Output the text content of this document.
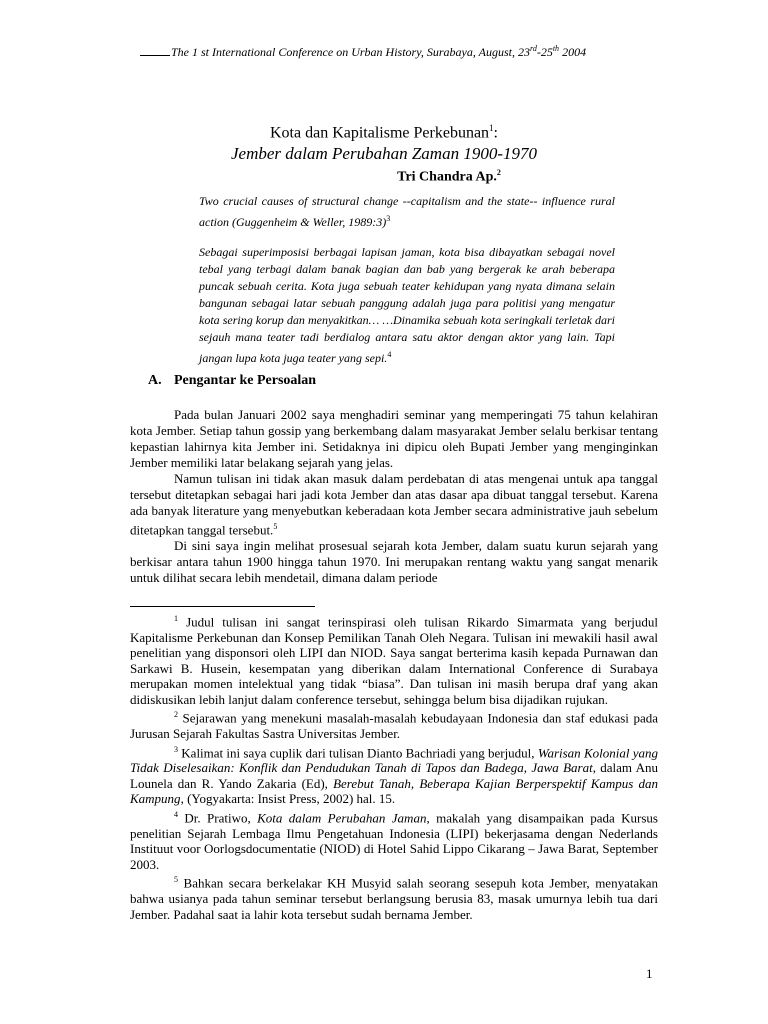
The 1 st International Conference on Urban History, Surabaya, August, 23rd-25th 2004
Kota dan Kapitalisme Perkebunan$^1$:
Jember dalam Perubahan Zaman 1900-1970
Tri Chandra Ap.$^2$
Two crucial causes of structural change --capitalism and the state-- influence rural action (Guggenheim & Weller, 1989:3)$^3$
Sebagai superimposisi berbagai lapisan jaman, kota bisa dibayatkan sebagai novel tebal yang terbagi dalam banak bagian dan bab yang bergerak ke arah beberapa puncak sebuah cerita. Kota juga sebuah teater kehidupan yang nyata dimana selain bangunan sebagai latar sebuah panggung adalah juga para politisi yang mengatur kota sering korup dan menyakitkan… …Dinamika sebuah kota seringkali terletak dari sejauh mana teater tadi berdialog antara satu aktor dengan aktor yang lain. Tapi jangan lupa kota juga teater yang sepi.$^4$
A. Pengantar ke Persoalan

Pada bulan Januari 2002 saya menghadiri seminar yang memperingati 75 tahun kelahiran kota Jember. Setiap tahun gossip yang berkembang dalam masyarakat Jember selalu berkisar tentang kepastian lahirnya kita Jember ini. Setidaknya ini dipicu oleh Bupati Jember yang menginginkan Jember memiliki latar belakang sejarah yang jelas.

Namun tulisan ini tidak akan masuk dalam perdebatan di atas mengenai untuk apa tanggal tersebut ditetapkan sebagai hari jadi kota Jember dan atas dasar apa dibuat tanggal tersebut. Karena ada banyak literature yang menyebutkan keberadaan kota Jember secara administrative jauh sebelum ditetapkan tanggal tersebut.$^5$

Di sini saya ingin melihat prosesual sejarah kota Jember, dalam suatu kurun sejarah yang berkisar antara tahun 1900 hingga tahun 1970. Ini merupakan rentang waktu yang sangat menarik untuk dilihat secara lebih mendetail, dimana dalam periode

$^1$ Judul tulisan ini sangat terinspirasi oleh tulisan Rikardo Simarmata yang berjudul Kapitalisme Perkebunan dan Konsep Pemilikan Tanah Oleh Negara. Tulisan ini mewakili hasil awal penelitian yang disponsori oleh LIPI dan NIOD. Saya sangat berterima kasih kepada Purnawan dan Sarkawi B. Husein, kesempatan yang diberikan dalam International Conference di Surabaya merupakan momen intelektual yang tidak “biasa”. Dan tulisan ini masih berupa draf yang akan didiskusikan lebih lanjut dalam conference tersebut, sehingga belum bisa dijadikan rujukan.

$^2$ Sejarawan yang menekuni masalah-masalah kebudayaan Indonesia dan staf edukasi pada Jurusan Sejarah Fakultas Sastra Universitas Jember.

$^3$ Kalimat ini saya cuplik dari tulisan Dianto Bachriadi yang berjudul, Warisan Kolonial yang Tidak Diselesaikan: Konflik dan Pendudukan Tanah di Tapos dan Badega, Jawa Barat, dalam Anu Lounela dan R. Yando Zakaria (Ed), Berebut Tanah, Beberapa Kajian Berperspektif Kampus dan Kampung, (Yogyakarta: Insist Press, 2002) hal. 15.

$^4$ Dr. Pratiwo, Kota dalam Perubahan Jaman, makalah yang disampaikan pada Kursus penelitian Sejarah Lembaga Ilmu Pengetahuan Indonesia (LIPI) bekerjasama dengan Nederlands Instituut voor Oorlogsdocumentatie (NIOD) di Hotel Sahid Lippo Cikarang – Jawa Barat, September 2003.

$^5$ Bahkan secara berkelakar KH Musyid salah seorang sesepuh kota Jember, menyatakan bahwa usianya pada tahun seminar tersebut berlangsung berusia 83, masak umurnya lebih tua dari Jember. Padahal saat ia lahir kota tersebut sudah bernama Jember.

1
